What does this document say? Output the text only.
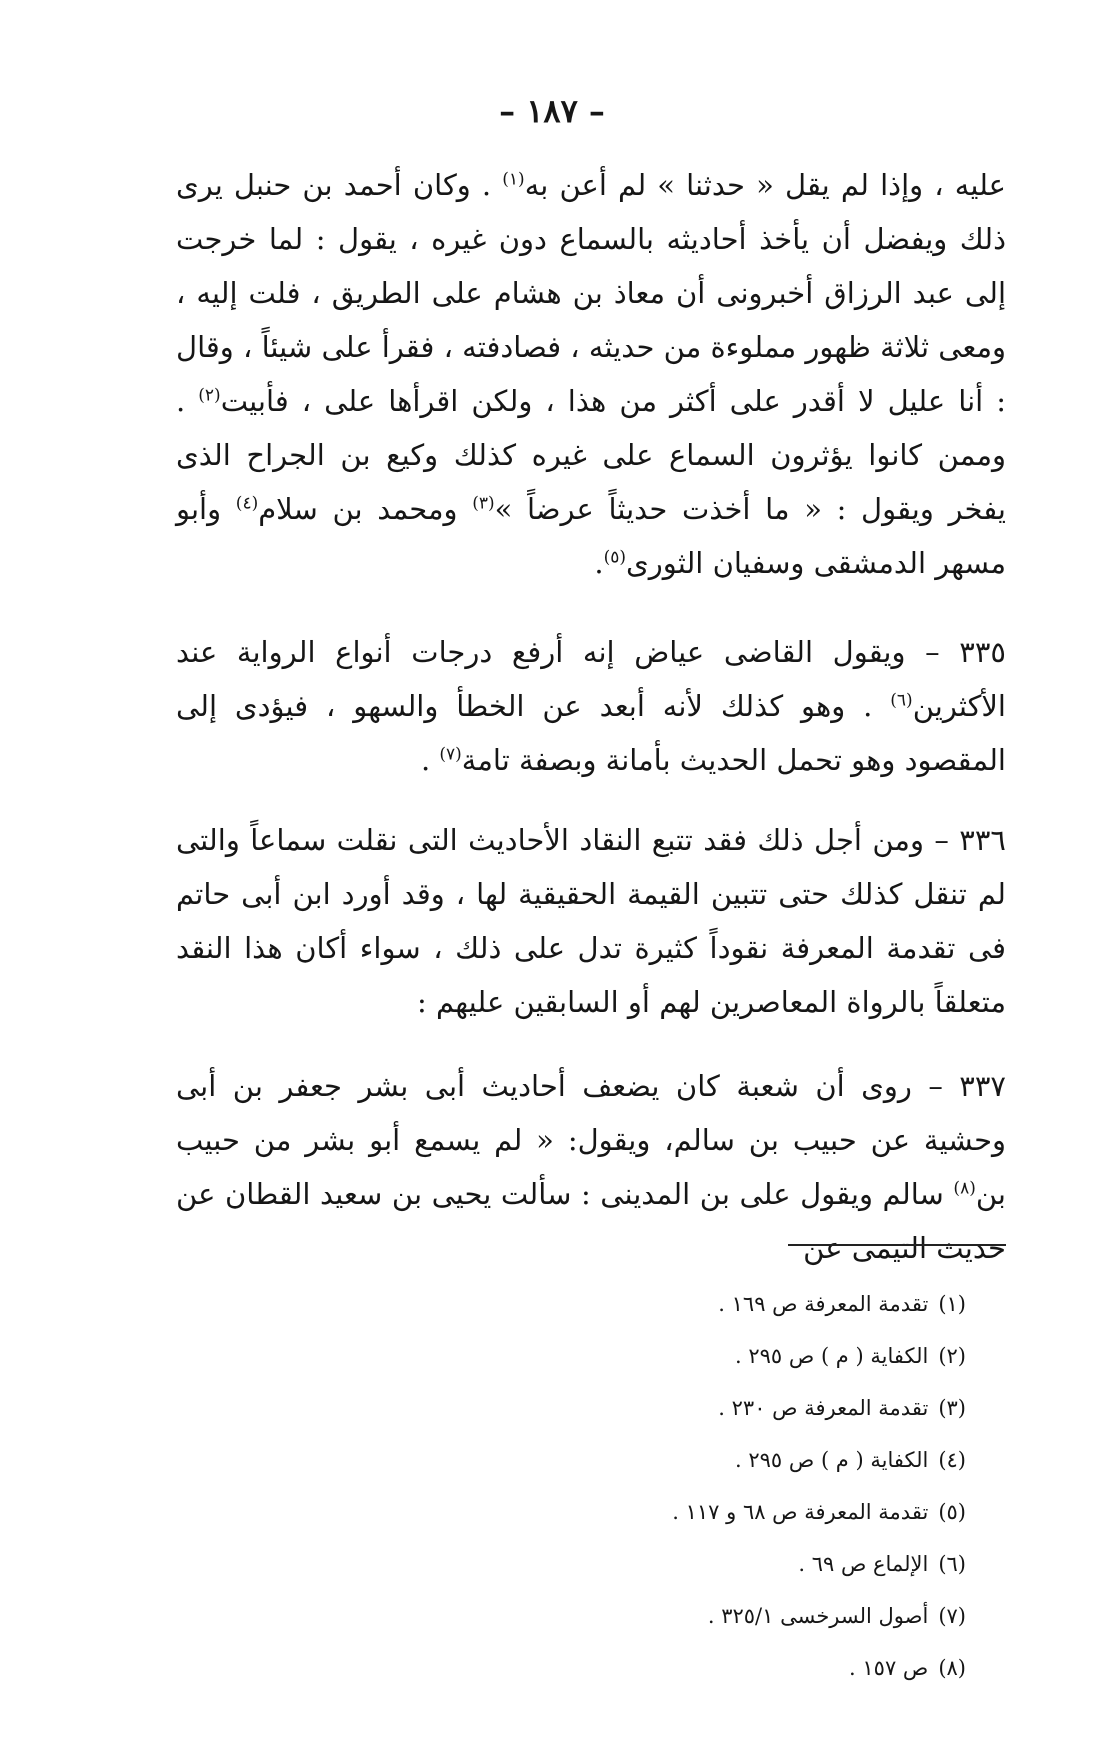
– ١٨٧ –

عليه ، وإذا لم يقل « حدثنا » لم أعن به$^{(١)}$ . وكان أحمد بن حنبل يرى ذلك ويفضل أن يأخذ أحاديثه بالسماع دون غيره ، يقول : لما خرجت إلى عبد الرزاق أخبرونى أن معاذ بن هشام على الطريق ، فلت إليه ، ومعى ثلاثة ظهور مملوءة من حديثه ، فصادفته ، فقرأ على شيئاً ، وقال : أنا عليل لا أقدر على أكثر من هذا ، ولكن اقرأها على ، فأبيت$^{(٢)}$ . وممن كانوا يؤثرون السماع على غيره كذلك وكيع بن الجراح الذى يفخر ويقول : « ما أخذت حديثاً عرضاً »$^{(٣)}$ ومحمد بن سلام$^{(٤)}$ وأبو مسهر الدمشقى وسفيان الثورى$^{(٥)}$.

٣٣٥ – ويقول القاضى عياض إنه أرفع درجات أنواع الرواية عند الأكثرين$^{(٦)}$ . وهو كذلك لأنه أبعد عن الخطأ والسهو ، فيؤدى إلى المقصود وهو تحمل الحديث بأمانة وبصفة تامة$^{(٧)}$ .

٣٣٦ – ومن أجل ذلك فقد تتبع النقاد الأحاديث التى نقلت سماعاً والتى لم تنقل كذلك حتى تتبين القيمة الحقيقية لها ، وقد أورد ابن أبى حاتم فى تقدمة المعرفة نقوداً كثيرة تدل على ذلك ، سواء أكان هذا النقد متعلقاً بالرواة المعاصرين لهم أو السابقين عليهم :

٣٣٧ – روى أن شعبة كان يضعف أحاديث أبى بشر جعفر بن أبى وحشية عن حبيب بن سالم، ويقول: « لم يسمع أبو بشر من حبيب بن$^{(٨)}$ سالم ويقول على بن المدينى : سألت يحيى بن سعيد القطان عن حديث التيمى عن

(١)تقدمة المعرفة ص ١٦٩ .
(٢)الكفاية ( م ) ص ٢٩٥ .
(٣)تقدمة المعرفة ص ٢٣٠ .
(٤)الكفاية ( م ) ص ٢٩٥ .
(٥)تقدمة المعرفة ص ٦٨ و ١١٧ .
(٦)الإلماع ص ٦٩ .
(٧)أصول السرخسى ٣٢٥/١ .
(٨)ص ١٥٧ .
